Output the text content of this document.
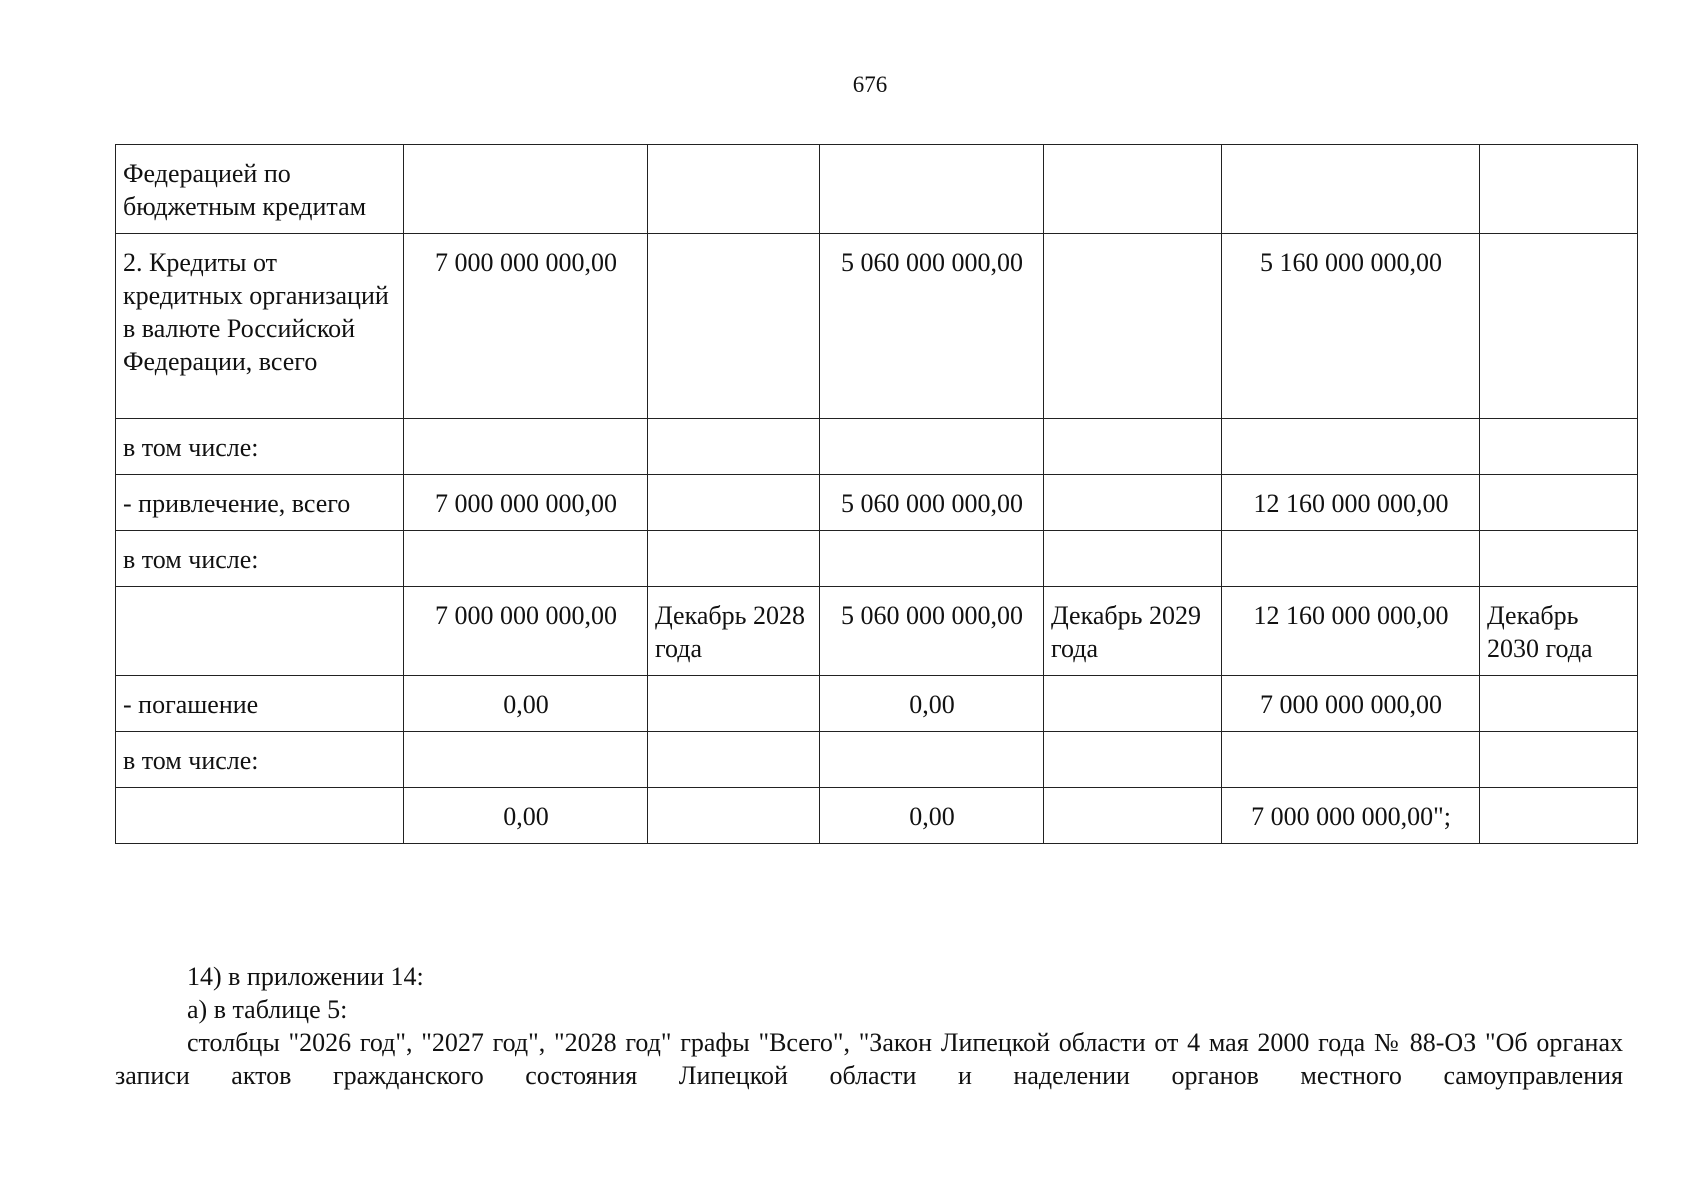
676
Федерацией по бюджетным кредитам						
2. Кредиты от кредитных организаций в валюте Российской Федерации, всего	7 000 000 000,00		5 060 000 000,00		5 160 000 000,00	
в том числе:						
- привлечение, всего	7 000 000 000,00		5 060 000 000,00		12 160 000 000,00	
в том числе:						
	7 000 000 000,00	Декабрь 2028 года	5 060 000 000,00	Декабрь 2029 года	12 160 000 000,00	Декабрь 2030 года
- погашение	0,00		0,00		7 000 000 000,00	
в том числе:						
	0,00		0,00		7 000 000 000,00";	

14) в приложении 14:

а) в таблице 5:

столбцы "2026 год", "2027 год", "2028 год" графы "Всего", "Закон Липецкой области от 4 мая 2000 года № 88-ОЗ "Об органах записи актов гражданского состояния Липецкой области и наделении органов местного самоуправления
